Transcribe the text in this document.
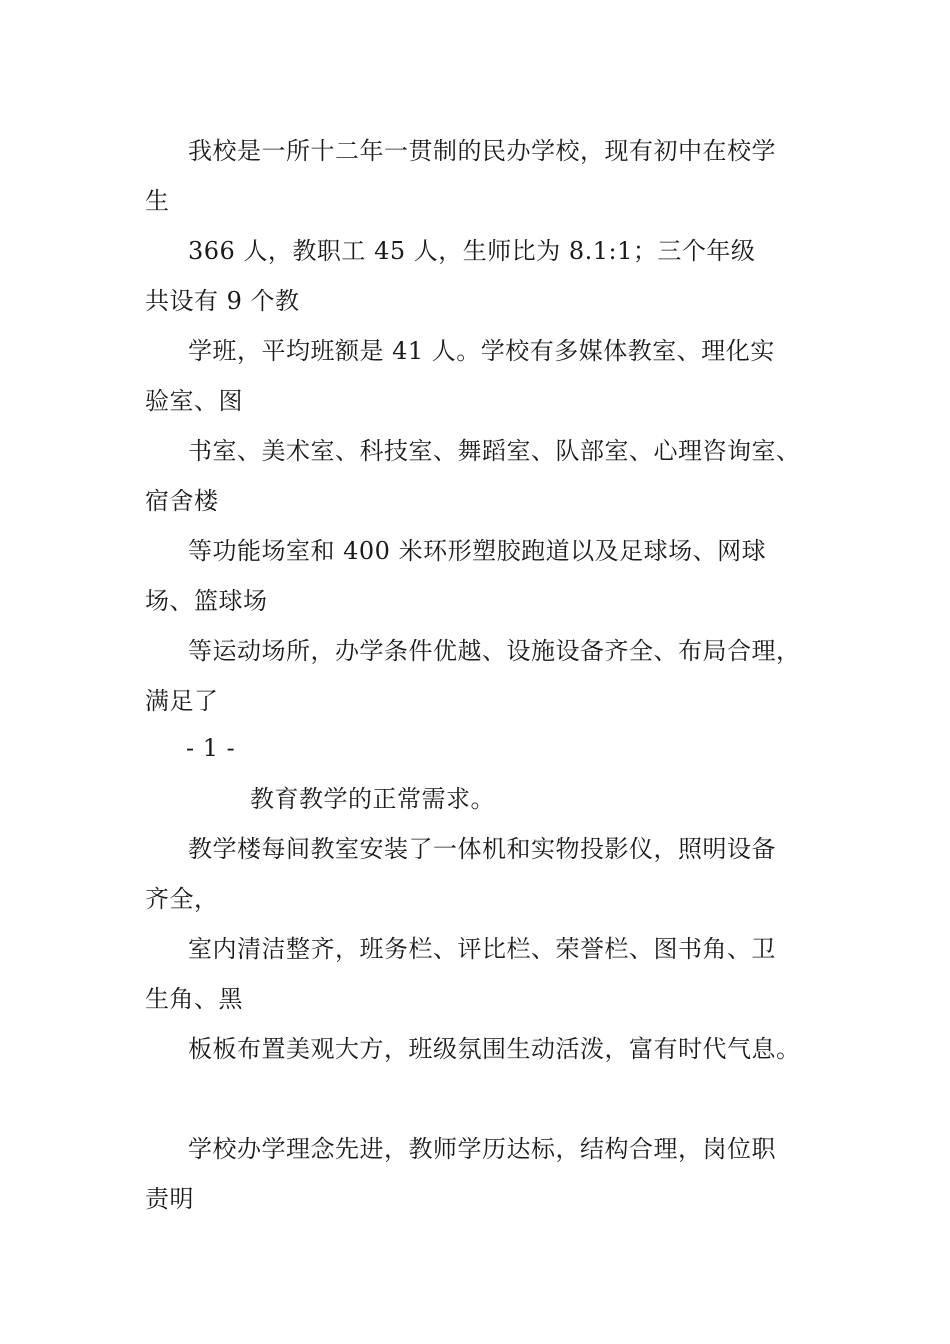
我校是一所十二年一贯制的民办学校，现有初中在校学
生
366 人，教职工 45 人，生师比为 8.1:1；三个年级
共设有 9 个教
学班，平均班额是 41 人。学校有多媒体教室、理化实
验室、图
书室、美术室、科技室、舞蹈室、队部室、心理咨询室、
宿舍楼
等功能场室和 400 米环形塑胶跑道以及足球场、网球
场、篮球场
等运动场所，办学条件优越、设施设备齐全、布局合理，
满足了
- 1 -
教育教学的正常需求。
教学楼每间教室安装了一体机和实物投影仪，照明设备
齐全，
室内清洁整齐，班务栏、评比栏、荣誉栏、图书角、卫
生角、黑
板板布置美观大方，班级氛围生动活泼，富有时代气息。
学校办学理念先进，教师学历达标，结构合理，岗位职
责明
